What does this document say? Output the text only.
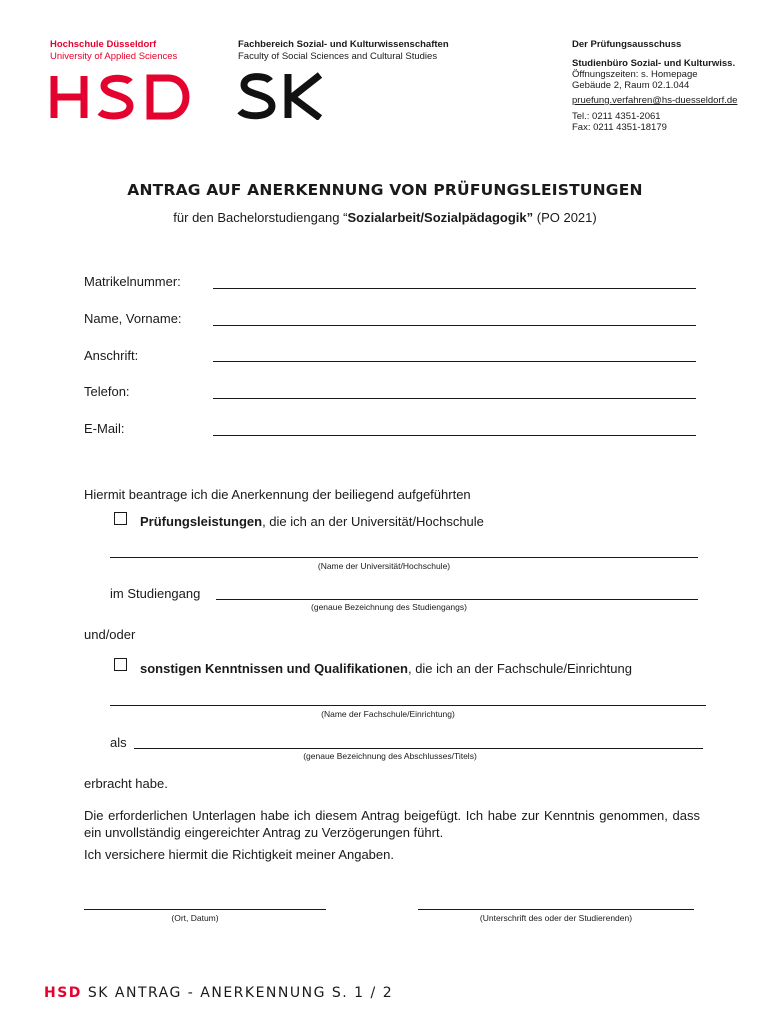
Hochschule Düsseldorf
University of Applied Sciences
Fachbereich Sozial- und Kulturwissenschaften
Faculty of Social Sciences and Cultural Studies
Der Prüfungsausschuss
Studienbüro Sozial- und Kulturwiss.
Öffnungszeiten: s. Homepage
Gebäude 2, Raum 02.1.044
pruefung.verfahren@hs-duesseldorf.de
Tel.: 0211 4351-2061
Fax: 0211 4351-18179
ANTRAG AUF ANERKENNUNG VON PRÜFUNGSLEISTUNGEN
für den Bachelorstudiengang “Sozialarbeit/Sozialpädagogik” (PO 2021)
Matrikelnummer:
Name, Vorname:
Anschrift:
Telefon:
E-Mail:
Hiermit beantrage ich die Anerkennung der beiliegend aufgeführten
Prüfungsleistungen, die ich an der Universität/Hochschule
(Name der Universität/Hochschule)
im Studiengang
(genaue Bezeichnung des Studiengangs)
und/oder
sonstigen Kenntnissen und Qualifikationen, die ich an der Fachschule/Einrichtung
(Name der Fachschule/Einrichtung)
als
(genaue Bezeichnung des Abschlusses/Titels)
erbracht habe.
Die erforderlichen Unterlagen habe ich diesem Antrag beigefügt. Ich habe zur Kenntnis genommen, dass ein unvollständig eingereichter Antrag zu Verzögerungen führt.
Ich versichere hiermit die Richtigkeit meiner Angaben.
(Ort, Datum)	(Unterschrift des oder der Studierenden)
HSD SK ANTRAG - ANERKENNUNG S. 1 / 2
